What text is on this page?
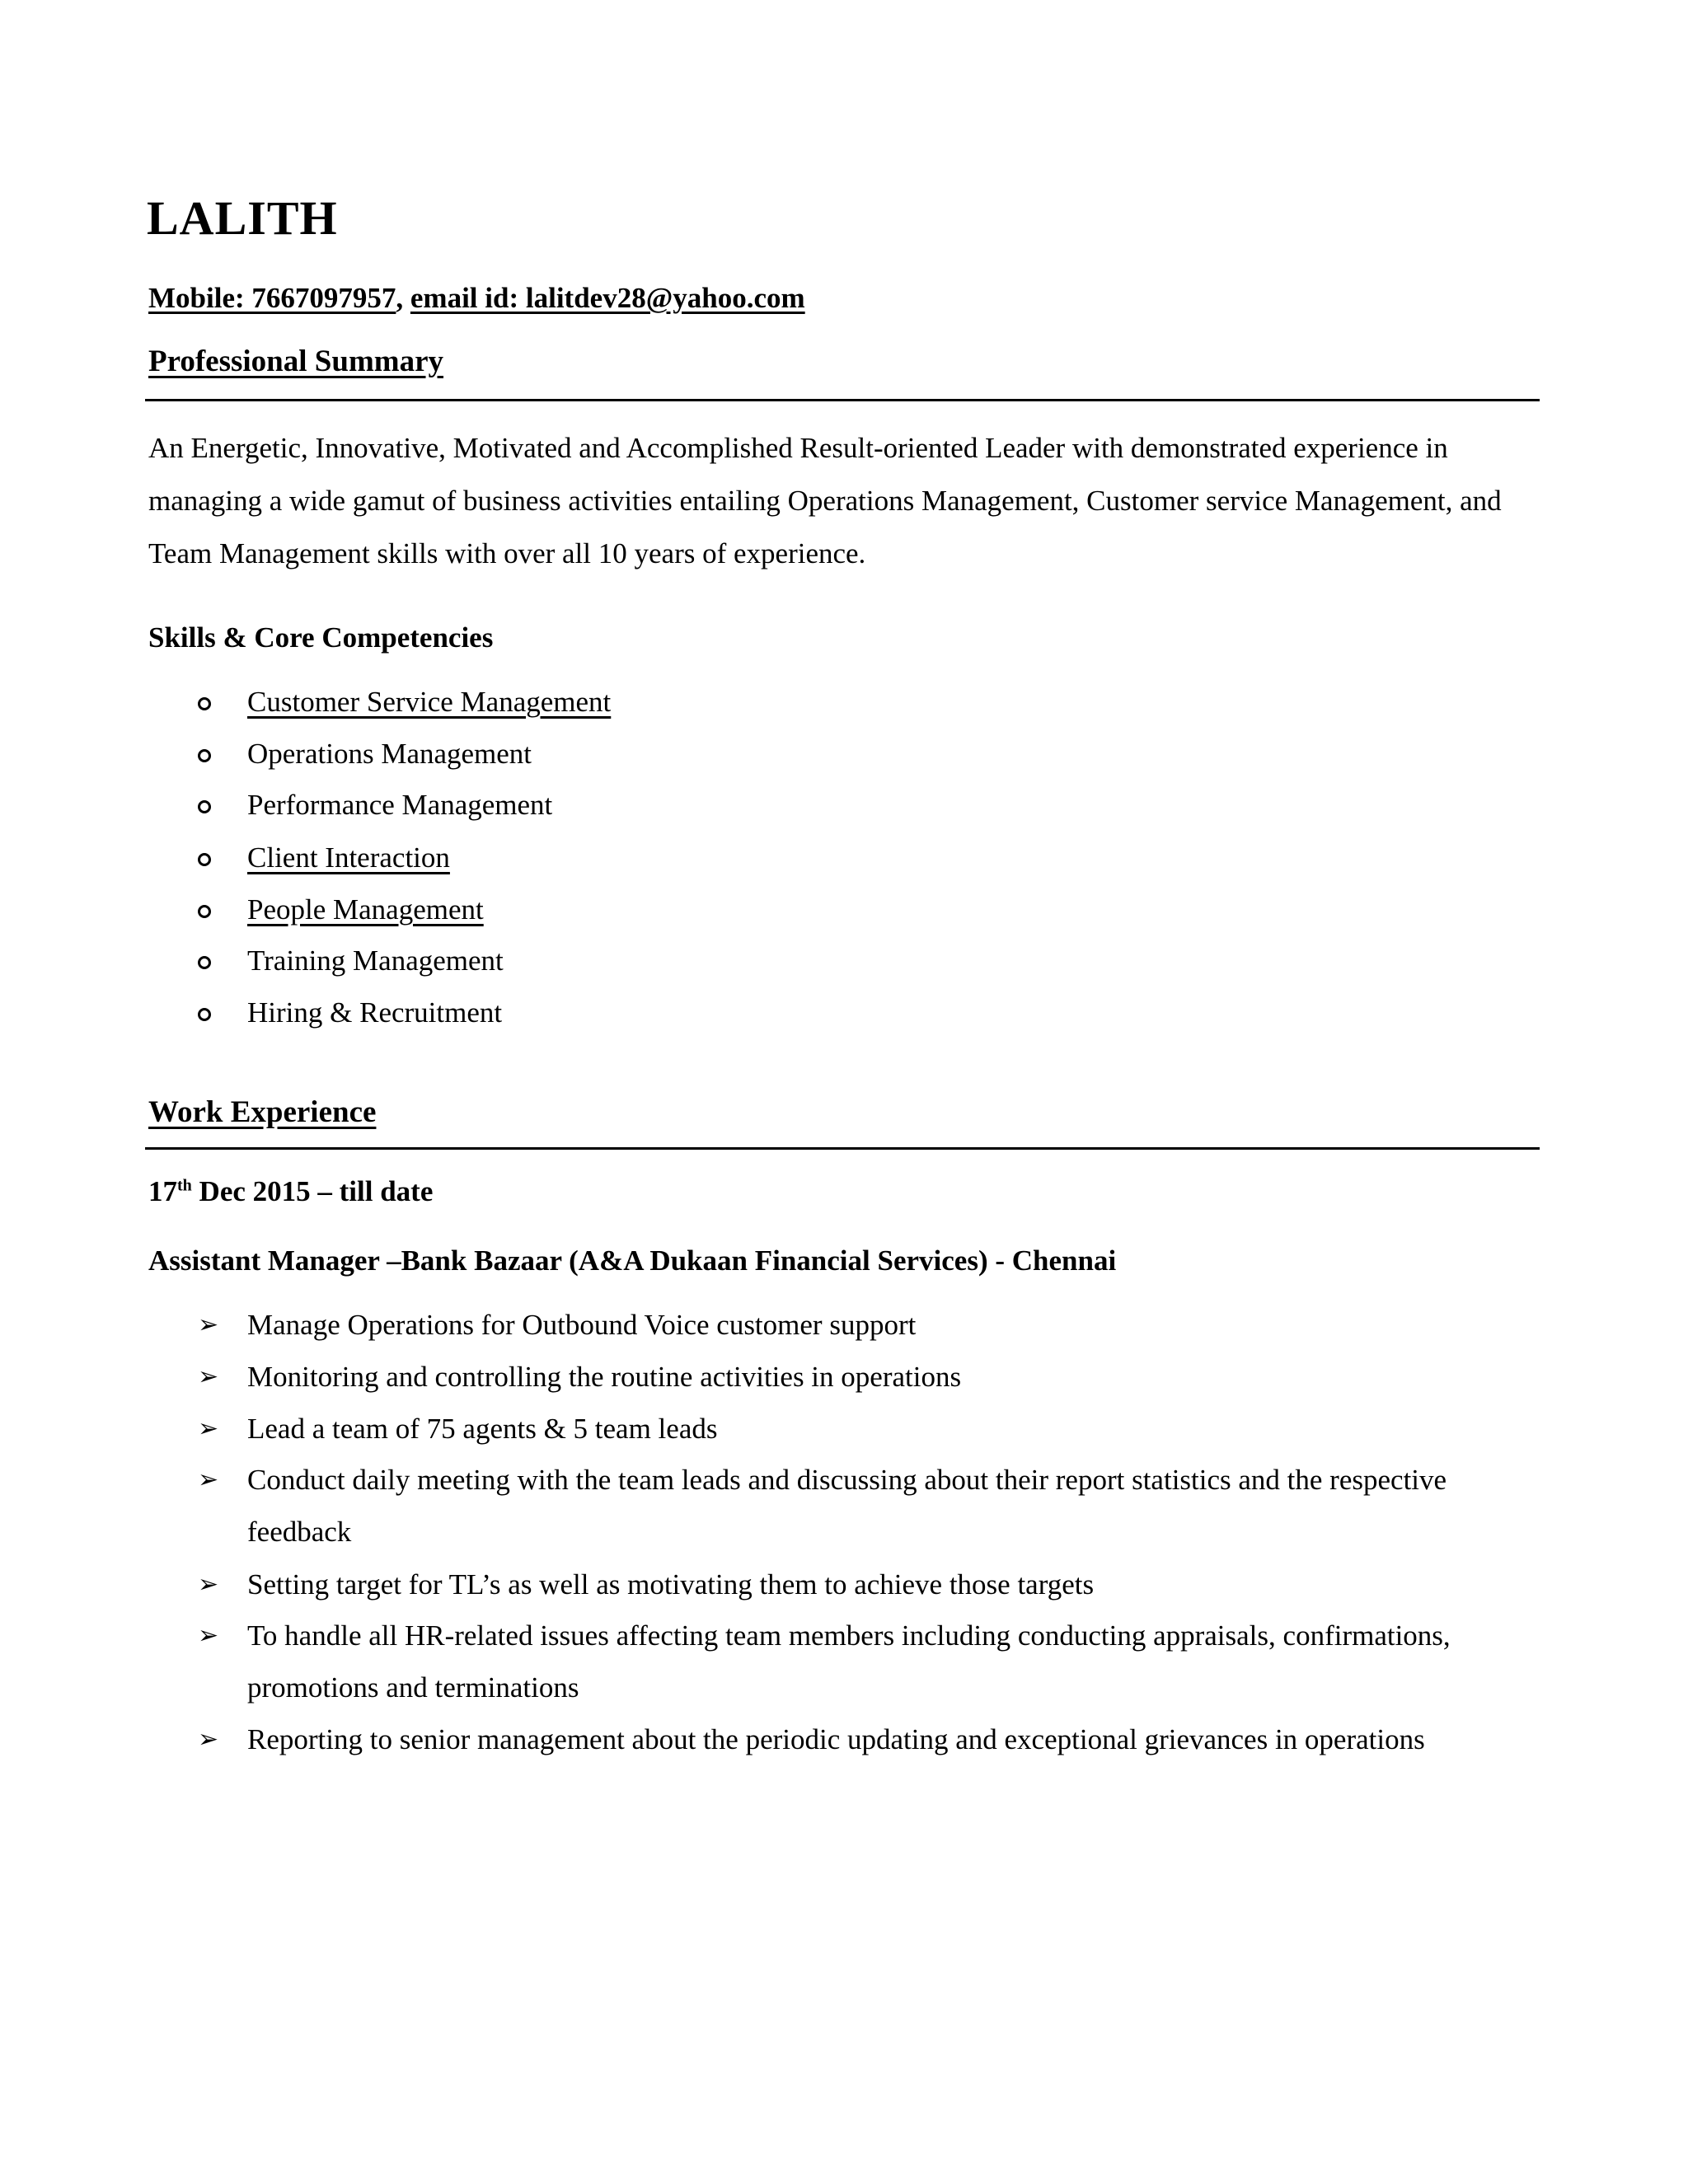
LALITH
Mobile: 7667097957, email id: lalitdev28@yahoo.com
Professional Summary

An Energetic, Innovative, Motivated and Accomplished Result-oriented Leader with demonstrated experience in managing a wide gamut of business activities entailing Operations Management, Customer service Management, and Team Management skills with over all 10 years of experience.

Skills & Core Competencies
Customer Service Management
Operations Management
Performance Management
Client Interaction
People Management
Training Management
Hiring & Recruitment
Work Experience
17th Dec 2015 – till date
Assistant Manager –Bank Bazaar (A&A Dukaan Financial Services) - Chennai
➢ Manage Operations for Outbound Voice customer support
➢ Monitoring and controlling the routine activities in operations
➢ Lead a team of 75 agents & 5 team leads
➢ Conduct daily meeting with the team leads and discussing about their report statistics and the respective feedback
➢ Setting target for TL’s as well as motivating them to achieve those targets
➢ To handle all HR-related issues affecting team members including conducting appraisals, confirmations, promotions and terminations
➢ Reporting to senior management about the periodic updating and exceptional grievances in operations
